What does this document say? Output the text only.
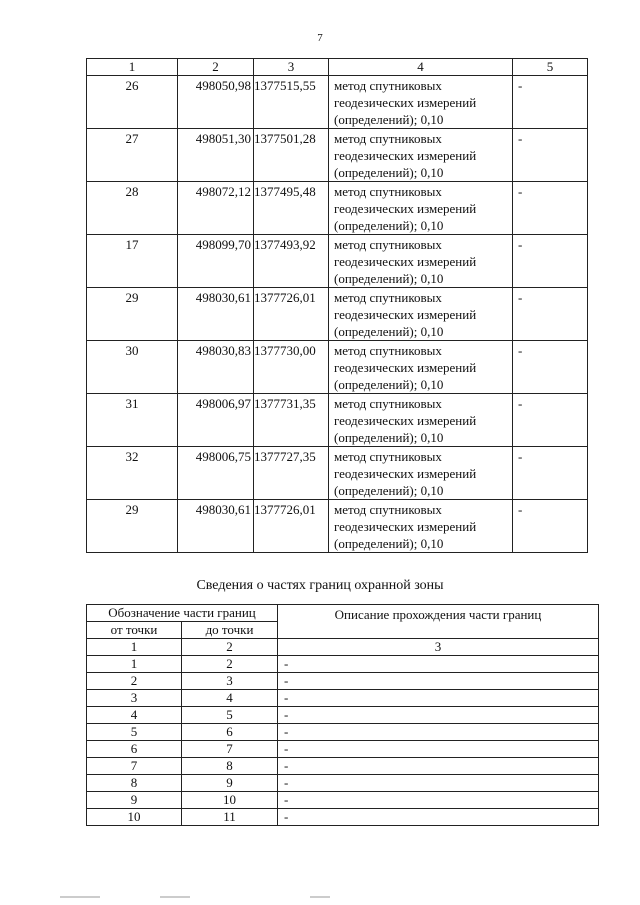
7
1	2	3	4	5
26	498050,98	1377515,55	метод спутниковых
геодезических измерений
(определений); 0,10	-
27	498051,30	1377501,28	метод спутниковых
геодезических измерений
(определений); 0,10	-
28	498072,12	1377495,48	метод спутниковых
геодезических измерений
(определений); 0,10	-
17	498099,70	1377493,92	метод спутниковых
геодезических измерений
(определений); 0,10	-
29	498030,61	1377726,01	метод спутниковых
геодезических измерений
(определений); 0,10	-
30	498030,83	1377730,00	метод спутниковых
геодезических измерений
(определений); 0,10	-
31	498006,97	1377731,35	метод спутниковых
геодезических измерений
(определений); 0,10	-
32	498006,75	1377727,35	метод спутниковых
геодезических измерений
(определений); 0,10	-
29	498030,61	1377726,01	метод спутниковых
геодезических измерений
(определений); 0,10	-
Сведения о частях границ охранной зоны
Обозначение части границ		Описание прохождения части границ
от точки	до точки	
1	2	3
1	2	-
2	3	-
3	4	-
4	5	-
5	6	-
6	7	-
7	8	-
8	9	-
9	10	-
10	11	-
